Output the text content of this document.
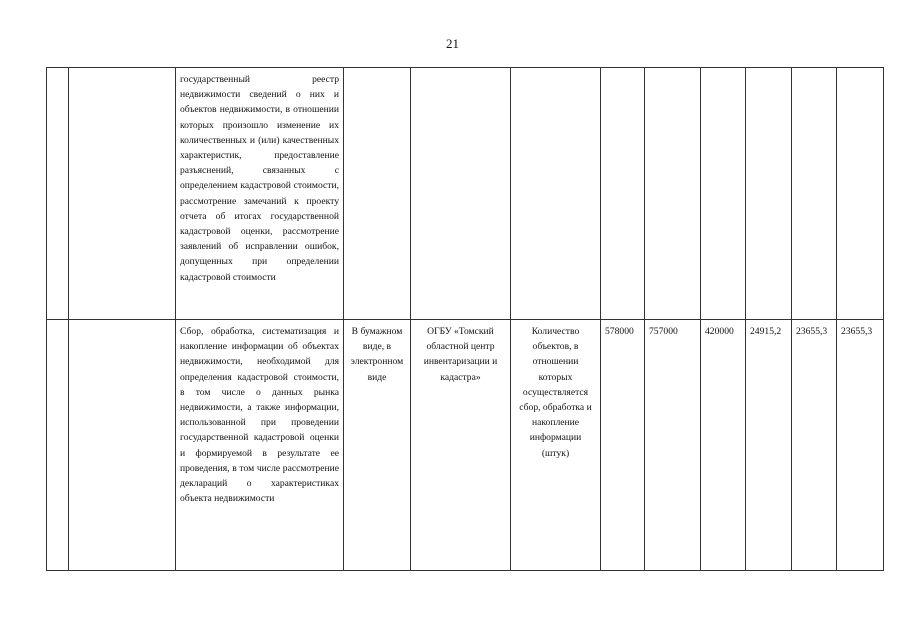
21
		государственный реестр недвижимости сведений о них и объектов недвижимости, в отношении которых произошло изменение их количественных и (или) качественных характеристик, предоставление разъяснений, связанных с определением кадастровой стоимости, рассмотрение замечаний к проекту отчета об итогах государственной кадастровой оценки, рассмотрение заявлений об исправлении ошибок, допущенных при определении кадастровой стоимости									
		Сбор, обработка, систематизация и накопление информации об объектах недвижимости, необходимой для определения кадастровой стоимости, в том числе о данных рынка недвижимости, а также информации, использованной при проведении государственной кадастровой оценки и формируемой в результате ее проведения, в том числе рассмотрение деклараций о характеристиках объекта недвижимости	В бумажном виде, в электронном виде	ОГБУ «Томский областной центр инвентаризации и кадастра»	Количество объектов, в отношении которых осуществляется сбор, обработка и накопление информации (штук)	578000	757000	420000	24915,2	23655,3	23655,3
